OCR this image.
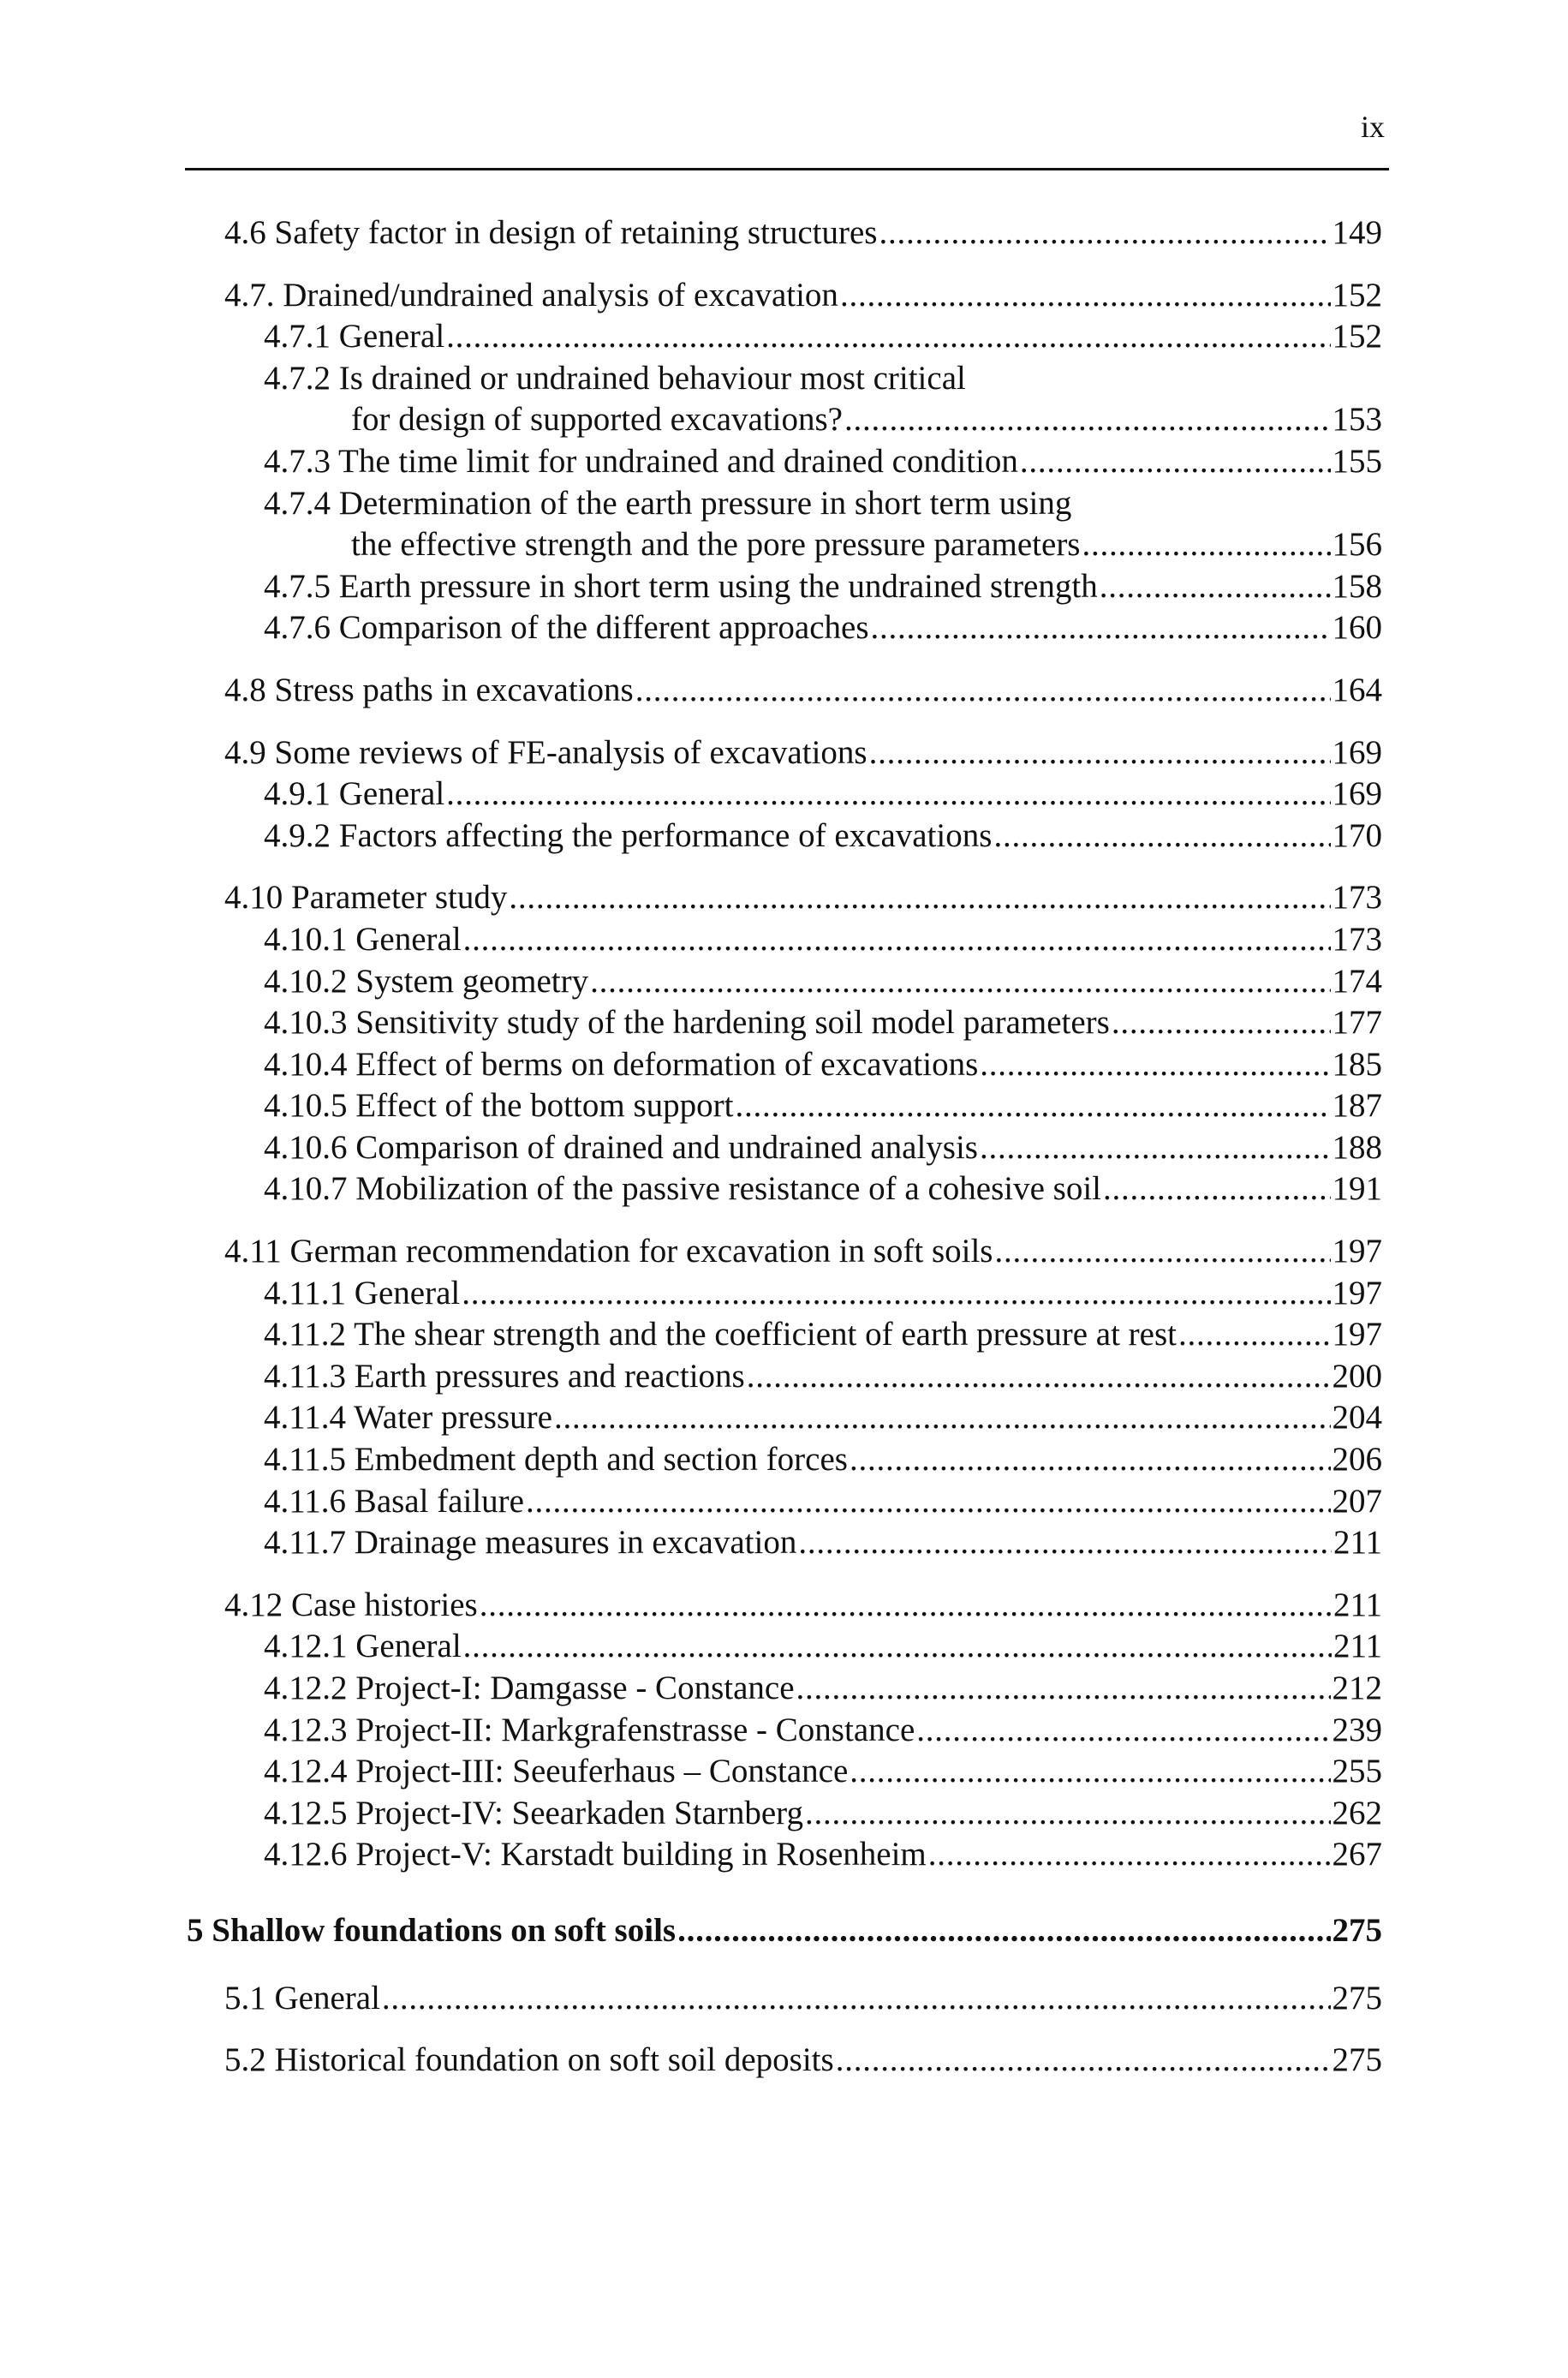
ix
4.6 Safety factor in design of retaining structures . . .	149
4.7. Drained/undrained analysis of excavation . . .	152
4.7.1 General . . .	152
4.7.2 Is drained or undrained behaviour most critical
for design of supported excavations? . . .	153
4.7.3 The time limit for undrained and drained condition . . .	155
4.7.4 Determination of the earth pressure in short term using
the effective strength and the pore pressure parameters . . .	156
4.7.5 Earth pressure in short term using the undrained strength . . .	158
4.7.6 Comparison of the different approaches . . .	160
4.8 Stress paths in excavations . . .	164
4.9 Some reviews of FE-analysis of excavations . . .	169
4.9.1 General . . .	169
4.9.2 Factors affecting the performance of excavations . . .	170
4.10 Parameter study . . .	173
4.10.1 General . . .	173
4.10.2 System geometry . . .	174
4.10.3 Sensitivity study of the hardening soil model parameters . . .	177
4.10.4 Effect of berms on deformation of excavations . . .	185
4.10.5 Effect of the bottom support . . .	187
4.10.6 Comparison of drained and undrained analysis . . .	188
4.10.7 Mobilization of the passive resistance of a cohesive soil . . .	191
4.11 German recommendation for excavation in soft soils . . .	197
4.11.1 General . . .	197
4.11.2 The shear strength and the coefficient of earth pressure at rest . . .	197
4.11.3 Earth pressures and reactions . . .	200
4.11.4 Water pressure . . .	204
4.11.5 Embedment depth and section forces . . .	206
4.11.6 Basal failure . . .	207
4.11.7 Drainage measures in excavation . . .	211
4.12 Case histories . . .	211
4.12.1 General . . .	211
4.12.2 Project-I: Damgasse - Constance . . .	212
4.12.3 Project-II: Markgrafenstrasse - Constance . . .	239
4.12.4 Project-III: Seeuferhaus – Constance . . .	255
4.12.5 Project-IV: Seearkaden Starnberg . . .	262
4.12.6 Project-V: Karstadt building in Rosenheim . . .	267
5 Shallow foundations on soft soils . . .	275
5.1 General . . .	275
5.2 Historical foundation on soft soil deposits . . .	275
